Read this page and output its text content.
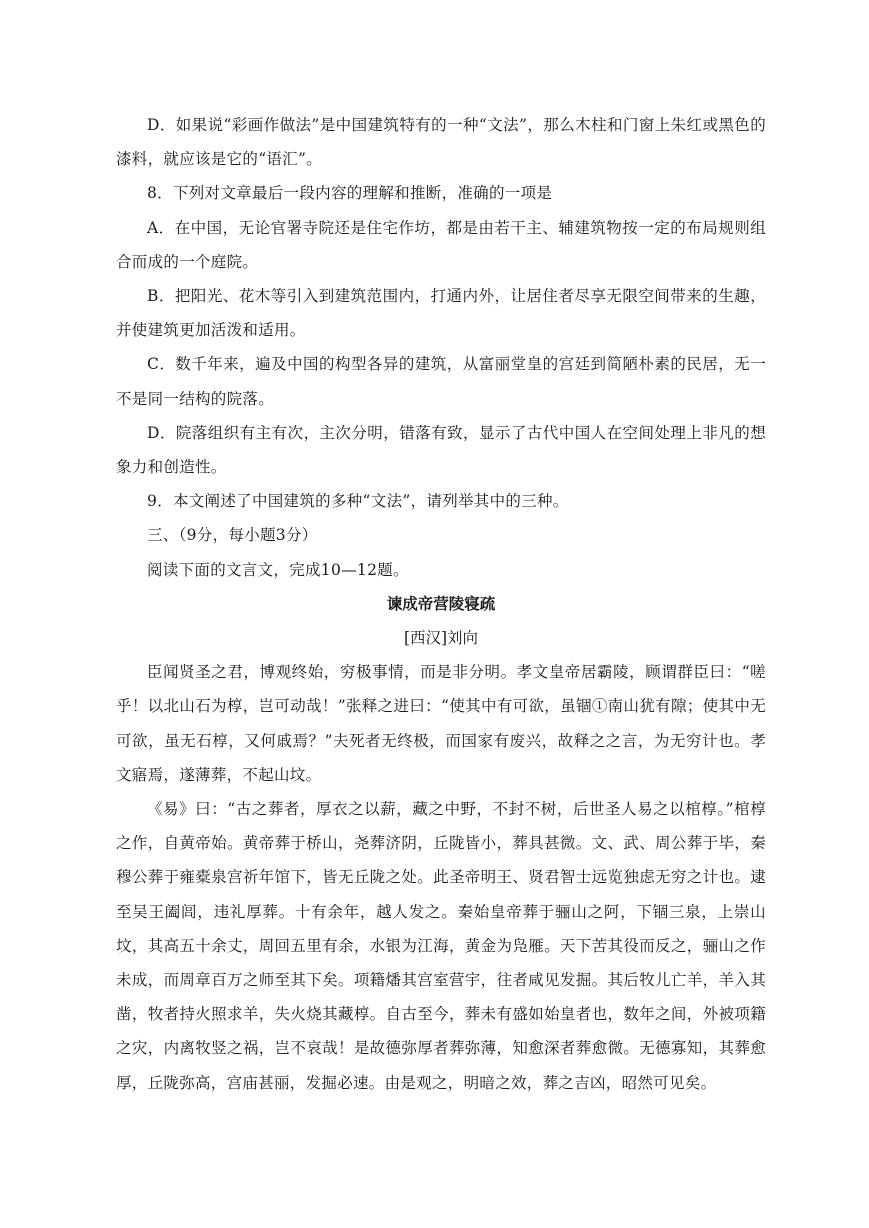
D．如果说“彩画作做法”是中国建筑特有的一种“文法”，那么木柱和门窗上朱红或黑色的漆料，就应该是它的“语汇”。

8．下列对文章最后一段内容的理解和推断，准确的一项是

A．在中国，无论官署寺院还是住宅作坊，都是由若干主、辅建筑物按一定的布局规则组合而成的一个庭院。

B．把阳光、花木等引入到建筑范围内，打通内外，让居住者尽享无限空间带来的生趣，并使建筑更加活泼和适用。

C．数千年来，遍及中国的构型各异的建筑，从富丽堂皇的宫廷到简陋朴素的民居，无一不是同一结构的院落。

D．院落组织有主有次，主次分明，错落有致，显示了古代中国人在空间处理上非凡的想象力和创造性。

9．本文阐述了中国建筑的多种“文法”，请列举其中的三种。

三、（9分，每小题3分）

阅读下面的文言文，完成10—12题。

谏成帝营陵寝疏

[西汉]刘向

臣闻贤圣之君，博观终始，穷极事情，而是非分明。孝文皇帝居霸陵，顾谓群臣曰：“嗟乎！以北山石为椁，岂可动哉！”张释之进曰：“使其中有可欲，虽锢①南山犹有隙；使其中无可欲，虽无石椁，又何戚焉？”夫死者无终极，而国家有废兴，故释之之言，为无穷计也。孝文寤焉，遂薄葬，不起山坟。

《易》曰：“古之葬者，厚衣之以薪，藏之中野，不封不树，后世圣人易之以棺椁。”棺椁之作，自黄帝始。黄帝葬于桥山，尧葬济阴，丘陇皆小，葬具甚微。文、武、周公葬于毕，秦穆公葬于雍橐泉宫祈年馆下，皆无丘陇之处。此圣帝明王、贤君智士远览独虑无穷之计也。逮至吴王阖闾，违礼厚葬。十有余年，越人发之。秦始皇帝葬于骊山之阿，下锢三泉，上崇山坟，其高五十余丈，周回五里有余，水银为江海，黄金为凫雁。天下苦其役而反之，骊山之作未成，而周章百万之师至其下矣。项籍燔其宫室营宇，往者咸见发掘。其后牧儿亡羊，羊入其凿，牧者持火照求羊，失火烧其藏椁。自古至今，葬未有盛如始皇者也，数年之间，外被项籍之灾，内离牧竖之祸，岂不哀哉！是故德弥厚者葬弥薄，知愈深者葬愈微。无德寡知，其葬愈厚，丘陇弥高，宫庙甚丽，发掘必速。由是观之，明暗之效，葬之吉凶，昭然可见矣。
